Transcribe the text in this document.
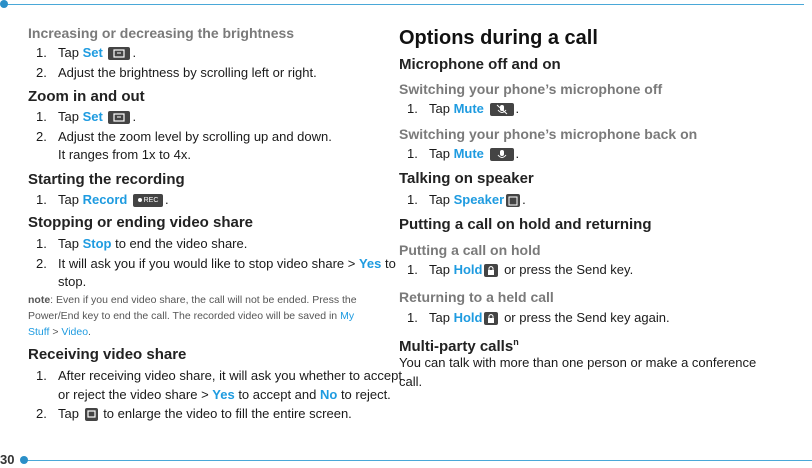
30
Increasing or decreasing the brightness
1. Tap Set .
2. Adjust the brightness by scrolling left or right.
Zoom in and out
1. Tap Set .
2. Adjust the zoom level by scrolling up and down.
It ranges from 1x to 4x.
Starting the recording
1. Tap Record REC .
Stopping or ending video share
1. Tap Stop to end the video share.
2. It will ask you if you would like to stop video share > Yes to
stop.
note: Even if you end video share, the call will not be ended. Press the
Power/End key to end the call. The recorded video will be saved in My
Stuff > Video.
Receiving video share
1. After receiving video share, it will ask you whether to accept
or reject the video share > Yes to accept and No to reject.
2. Tap
to enlarge the video to fill the entire screen.
Options during a call
Microphone off and on
Switching your phone’s microphone off
1. Tap Mute .
Switching your phone’s microphone back on
1. Tap Mute .
Talking on speaker
1. Tap Speaker .
Putting a call on hold and returning
Putting a call on hold
1. Tap Hold
or press the Send key.
Returning to a held call
1. Tap Hold
or press the Send key again.
Multi-party calls$^n$
You can talk with more than one person or make a conference
call.
